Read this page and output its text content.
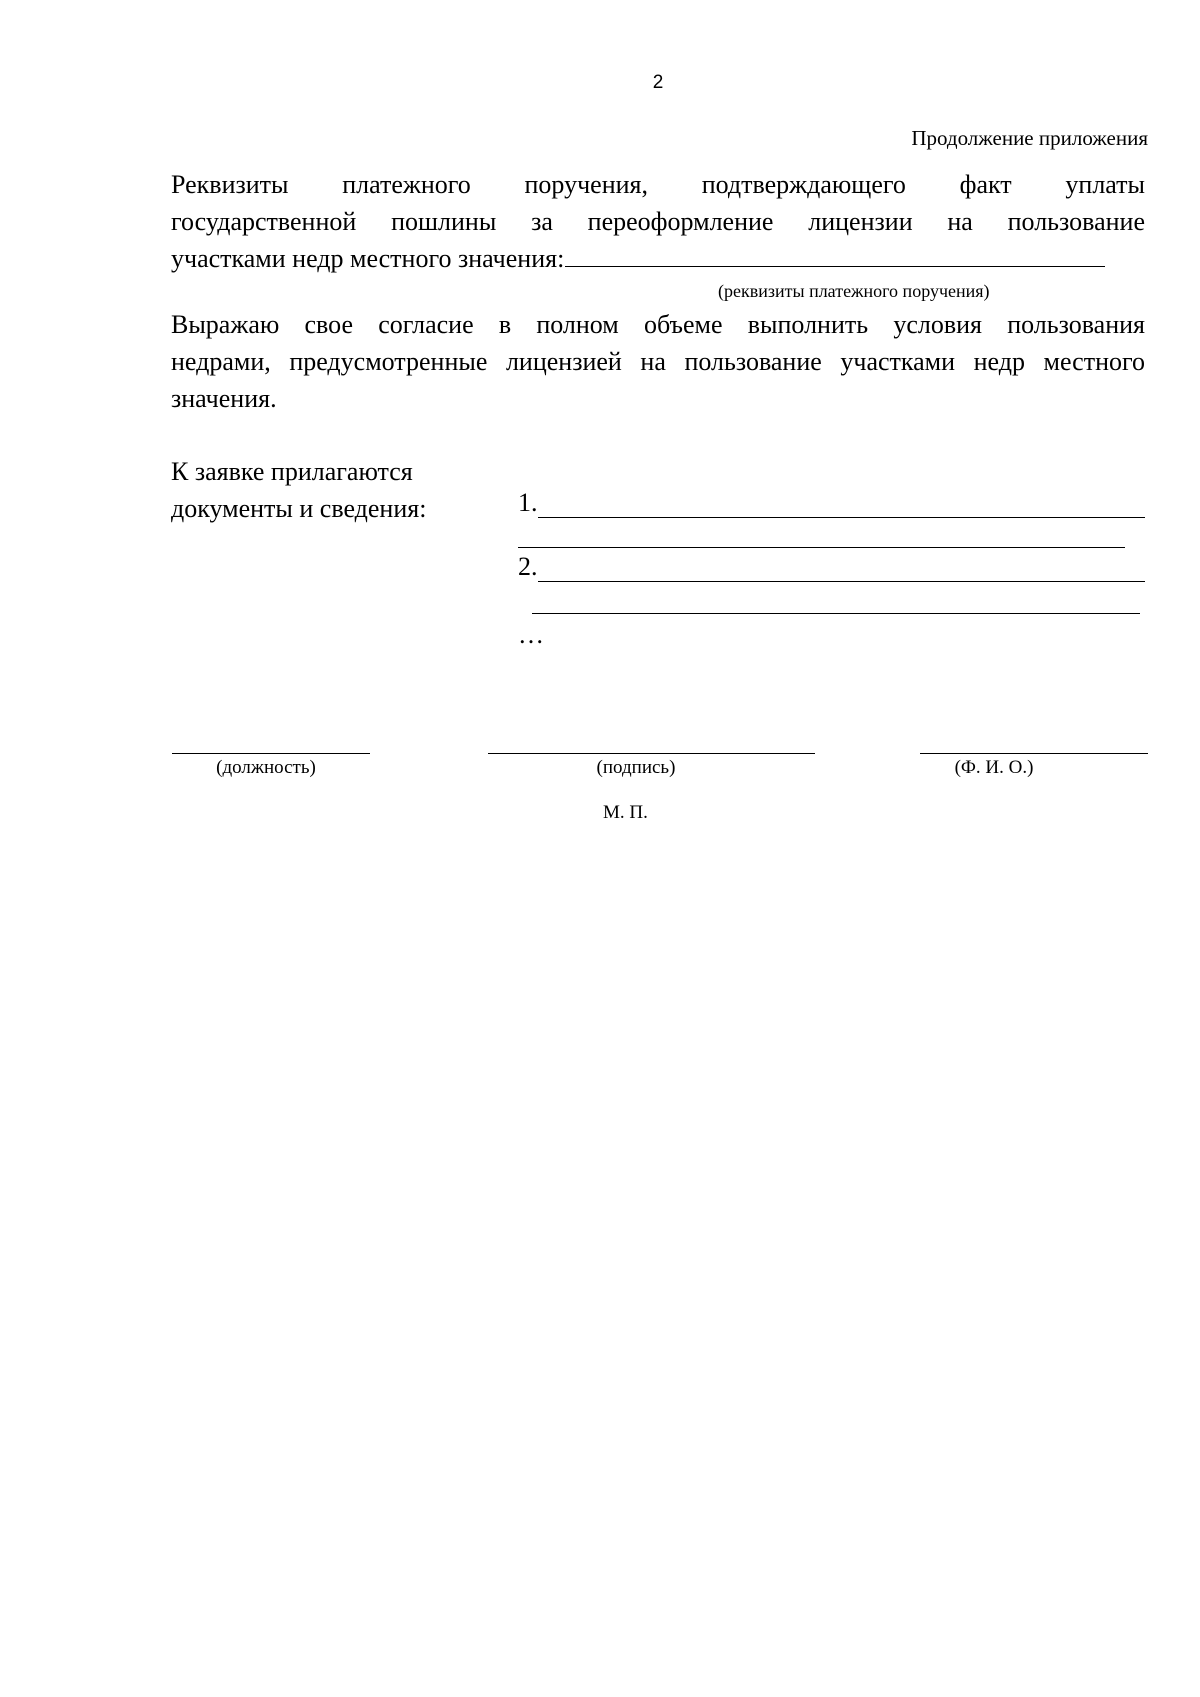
2
Продолжение приложения
Реквизиты платежного поручения, подтверждающего факт уплаты
государственной пошлины за переоформление лицензии на пользование
участками недр местного значения:
(реквизиты платежного поручения)
Выражаю свое согласие в полном объеме выполнить условия пользования
недрами, предусмотренные лицензией на пользование участками недр местного
значения.
К заявке прилагаются
документы и сведения:	1.
2.
…
(должность)	(подпись)	(Ф. И. О.)
М. П.
